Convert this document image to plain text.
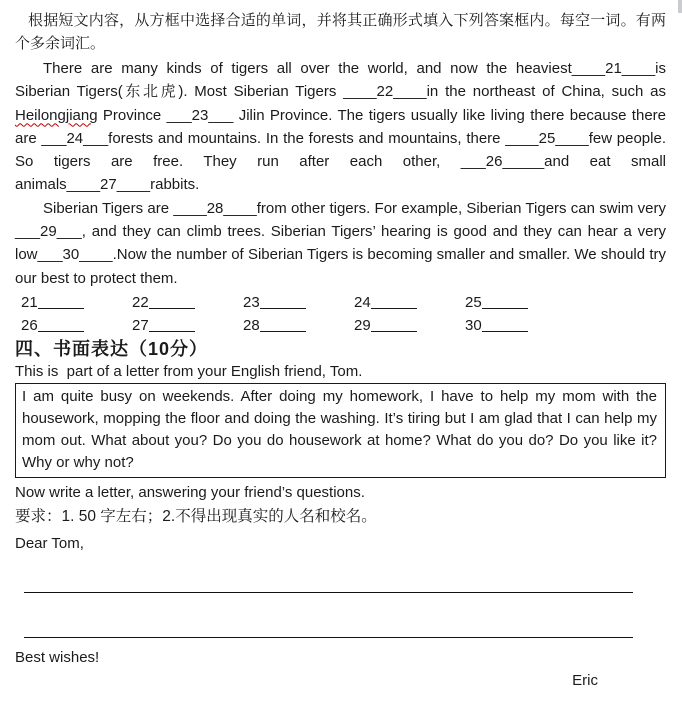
根据短文内容，从方框中选择合适的单词，并将其正确形式填入下列答案框内。每空一词。有两个多余词汇。

There are many kinds of tigers all over the world, and now the heaviest____21____is Siberian Tigers(东北虎). Most Siberian Tigers ____22____in the northeast of China, such as Heilongjiang Province ___23___ Jilin Province. The tigers usually like living there because there are ___24___forests and mountains. In the forests and mountains, there ____25____few people. So tigers are free. They run after each other, ___26_____and eat small animals____27____rabbits.

Siberian Tigers are ____28____from other tigers. For example, Siberian Tigers can swim very ___29___, and they can climb trees. Siberian Tigers’ hearing is good and they can hear a very low___30____.Now the number of Siberian Tigers is becoming smaller and smaller. We should try our best to protect them.

21	22	23	24	25
26	27	28	29	30

四、书面表达（10分）

This is  part of a letter from your English friend, Tom.

I am quite busy on weekends. After doing my homework, I have to help my mom with the housework, mopping the floor and doing the washing. It’s tiring but I am glad that I can help my mom out. What about you? Do you do housework at home? What do you do? Do you like it? Why or why not?

Now write a letter, answering your friend’s questions.

要求：1. 50 字左右；2.不得出现真实的人名和校名。

Dear Tom,

Best wishes!

Eric
